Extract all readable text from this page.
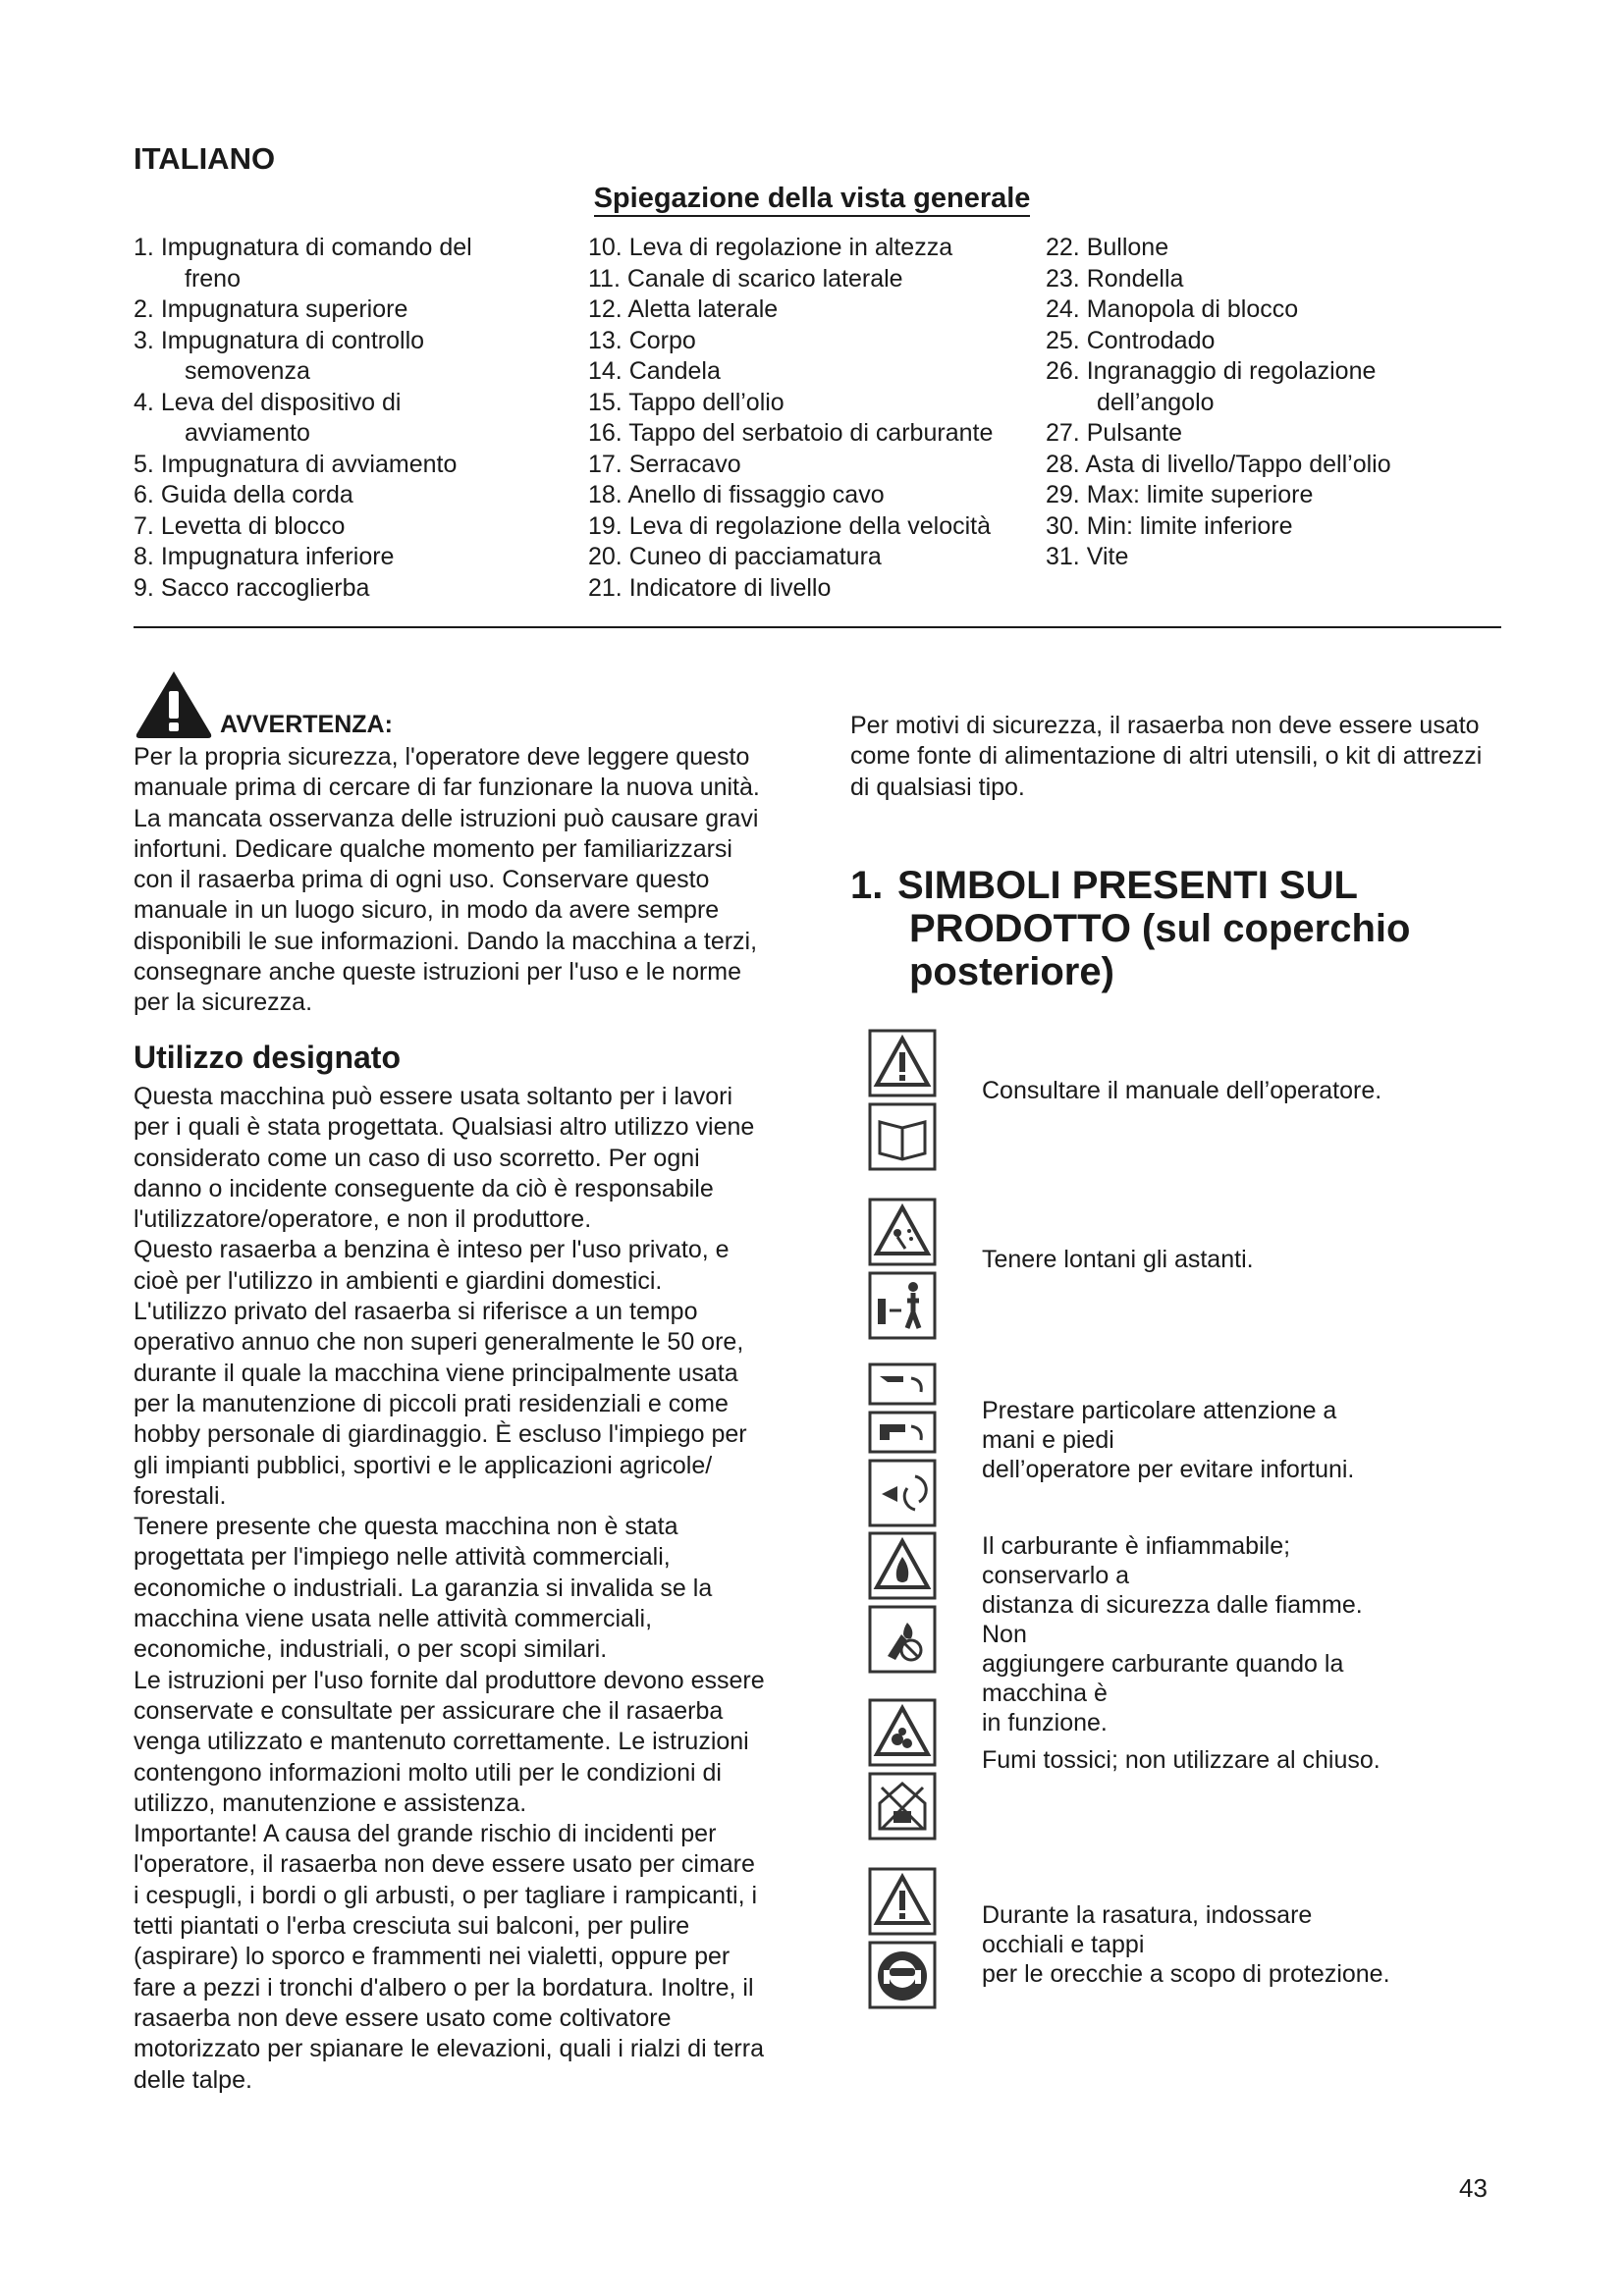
ITALIANO
Spiegazione della vista generale
1. Impugnatura di comando del
freno
2. Impugnatura superiore
3. Impugnatura di controllo
semovenza
4. Leva del dispositivo di
avviamento
5. Impugnatura di avviamento
6. Guida della corda
7. Levetta di blocco
8. Impugnatura inferiore
9. Sacco raccoglierba
10. Leva di regolazione in altezza
11. Canale di scarico laterale
12. Aletta laterale
13. Corpo
14. Candela
15. Tappo dell’olio
16. Tappo del serbatoio di carburante
17. Serracavo
18. Anello di fissaggio cavo
19. Leva di regolazione della velocità
20. Cuneo di pacciamatura
21. Indicatore di livello
22. Bullone
23. Rondella
24. Manopola di blocco
25. Controdado
26. Ingranaggio di regolazione
dell’angolo
27. Pulsante
28. Asta di livello/Tappo dell’olio
29. Max: limite superiore
30. Min: limite inferiore
31. Vite
AVVERTENZA:
Per la propria sicurezza, l'operatore deve leggere questo
manuale prima di cercare di far funzionare la nuova unità.
La mancata osservanza delle istruzioni può causare gravi
infortuni. Dedicare qualche momento per familiarizzarsi
con il rasaerba prima di ogni uso. Conservare questo
manuale in un luogo sicuro, in modo da avere sempre
disponibili le sue informazioni. Dando la macchina a terzi,
consegnare anche queste istruzioni per l'uso e le norme
per la sicurezza.
Utilizzo designato
Questa macchina può essere usata soltanto per i lavori
per i quali è stata progettata. Qualsiasi altro utilizzo viene
considerato come un caso di uso scorretto. Per ogni
danno o incidente conseguente da ciò è responsabile
l'utilizzatore/operatore, e non il produttore.
Questo rasaerba a benzina è inteso per l'uso privato, e
cioè per l'utilizzo in ambienti e giardini domestici.
L'utilizzo privato del rasaerba si riferisce a un tempo
operativo annuo che non superi generalmente le 50 ore,
durante il quale la macchina viene principalmente usata
per la manutenzione di piccoli prati residenziali e come
hobby personale di giardinaggio. È escluso l'impiego per
gli impianti pubblici, sportivi e le applicazioni agricole/
forestali.
Tenere presente che questa macchina non è stata
progettata per l'impiego nelle attività commerciali,
economiche o industriali. La garanzia si invalida se la
macchina viene usata nelle attività commerciali,
economiche, industriali, o per scopi similari.
Le istruzioni per l'uso fornite dal produttore devono essere
conservate e consultate per assicurare che il rasaerba
venga utilizzato e mantenuto correttamente. Le istruzioni
contengono informazioni molto utili per le condizioni di
utilizzo, manutenzione e assistenza.
Importante! A causa del grande rischio di incidenti per
l'operatore, il rasaerba non deve essere usato per cimare
i cespugli, i bordi o gli arbusti, o per tagliare i rampicanti, i
tetti piantati o l'erba cresciuta sui balconi, per pulire
(aspirare) lo sporco e frammenti nei vialetti, oppure per
fare a pezzi i tronchi d'albero o per la bordatura. Inoltre, il
rasaerba non deve essere usato come coltivatore
motorizzato per spianare le elevazioni, quali i rialzi di terra
delle talpe.
Per motivi di sicurezza, il rasaerba non deve essere usato
come fonte di alimentazione di altri utensili, o kit di attrezzi
di qualsiasi tipo.
1. SIMBOLI PRESENTI SUL
PRODOTTO (sul coperchio
posteriore)
Consultare il manuale dell’operatore.
Tenere lontani gli astanti.
Prestare particolare attenzione a mani e piedi
dell’operatore per evitare infortuni.
Il carburante è infiammabile; conservarlo a
distanza di sicurezza dalle fiamme. Non
aggiungere carburante quando la macchina è
in funzione.
Fumi tossici; non utilizzare al chiuso.
Durante la rasatura, indossare occhiali e tappi
per le orecchie a scopo di protezione.
43
